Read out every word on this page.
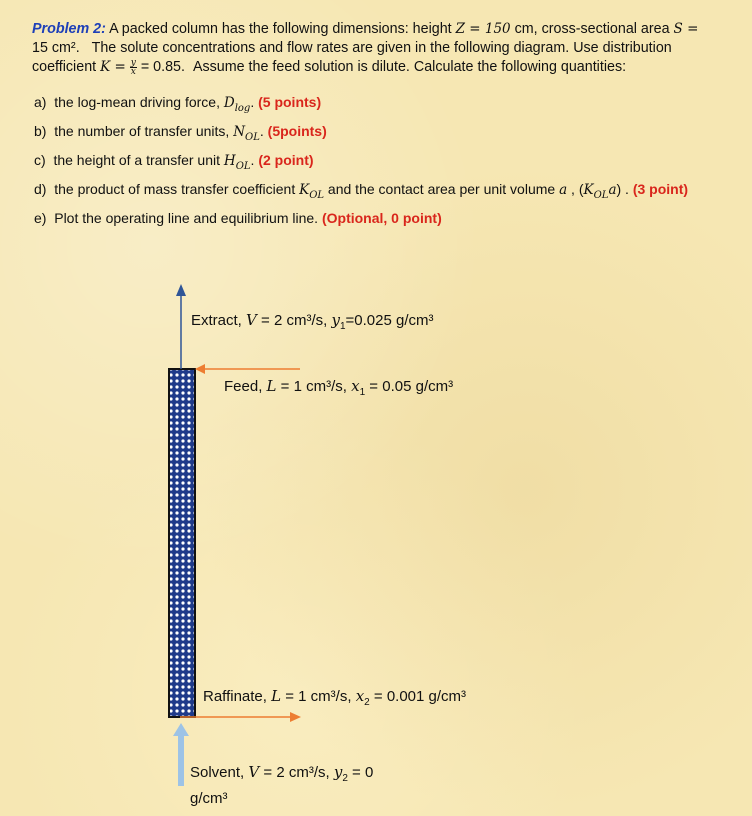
Problem 2: A packed column has the following dimensions: height Z = 150 cm, cross-sectional area S =
15 cm².   The solute concentrations and flow rates are given in the following diagram. Use distribution
coefficient $K = \frac{y}{x} = 0.85$. Assume the feed solution is dilute. Calculate the following quantities:
a) the log-mean driving force, $D_{log}$. (5 points)
b) the number of transfer units, $N_{OL}$. (5points)
c) the height of a transfer unit $H_{OL}$. (2 point)
d) the product of mass transfer coefficient $K_{OL}$ and the contact area per unit volume a , $(K_{OL}a)$ . (3 point)
e) Plot the operating line and equilibrium line. (Optional, 0 point)
Extract, V = 2 cm³/s, $y_1=0.025$ g/cm³
Feed, L = 1 cm³/s, $x_1 = 0.05$ g/cm³
Raffinate, L = 1 cm³/s, $x_2 = 0.001$ g/cm³
Solvent, V = 2 cm³/s, $y_2 = 0$
g/cm³
